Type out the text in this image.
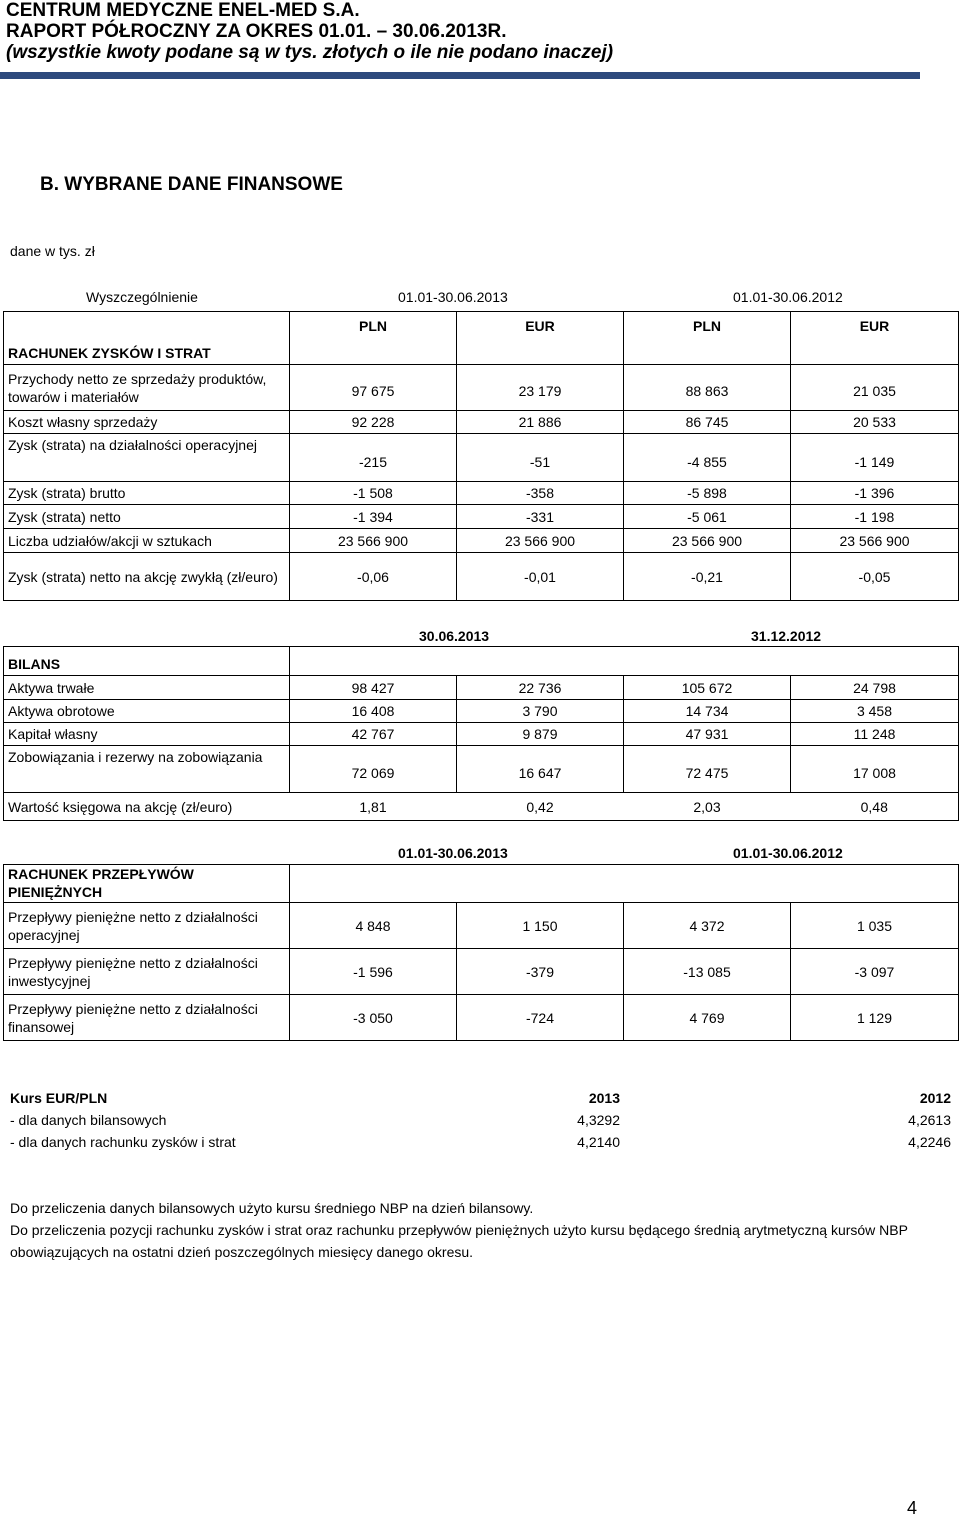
CENTRUM MEDYCZNE ENEL-MED S.A.
RAPORT PÓŁROCZNY ZA OKRES 01.01. – 30.06.2013R.
(wszystkie kwoty podane są w tys. złotych o ile nie podano inaczej)
B. WYBRANE DANE FINANSOWE
dane w tys. zł
Wyszczególnienie	01.01-30.06.2013	01.01-30.06.2012
RACHUNEK ZYSKÓW I STRAT	PLN	EUR	PLN	EUR
Przychody netto ze sprzedaży produktów, towarów i materiałów	97 675	23 179	88 863	21 035
Koszt własny sprzedaży	92 228	21 886	86 745	20 533
Zysk (strata) na działalności operacyjnej	-215	-51	-4 855	-1 149
Zysk (strata) brutto	-1 508	-358	-5 898	-1 396
Zysk (strata) netto	-1 394	-331	-5 061	-1 198
Liczba udziałów/akcji w sztukach	23 566 900	23 566 900	23 566 900	23 566 900
Zysk (strata) netto na akcję zwykłą (zł/euro)	-0,06	-0,01	-0,21	-0,05
30.06.2013	31.12.2012
BILANS				
Aktywa trwałe	98 427	22 736	105 672	24 798
Aktywa obrotowe	16 408	3 790	14 734	3 458
Kapitał własny	42 767	9 879	47 931	11 248
Zobowiązania i rezerwy na zobowiązania	72 069	16 647	72 475	17 008
Wartość księgowa na akcję (zł/euro)	1,81	0,42	2,03	0,48
01.01-30.06.2013	01.01-30.06.2012
RACHUNEK PRZEPŁYWÓW PIENIĘŻNYCH				
Przepływy pieniężne netto z działalności operacyjnej	4 848	1 150	4 372	1 035
Przepływy pieniężne netto z działalności inwestycyjnej	-1 596	-379	-13 085	-3 097
Przepływy pieniężne netto z działalności finansowej	-3 050	-724	4 769	1 129
Kurs EUR/PLN	2013	2012
- dla danych bilansowych	4,3292	4,2613
- dla danych rachunku zysków i strat	4,2140	4,2246
Do przeliczenia danych bilansowych użyto kursu średniego NBP na dzień bilansowy.
Do przeliczenia pozycji rachunku zysków i strat oraz rachunku przepływów pieniężnych użyto kursu będącego średnią arytmetyczną kursów NBP obowiązujących na ostatni dzień poszczególnych miesięcy danego okresu.
4
